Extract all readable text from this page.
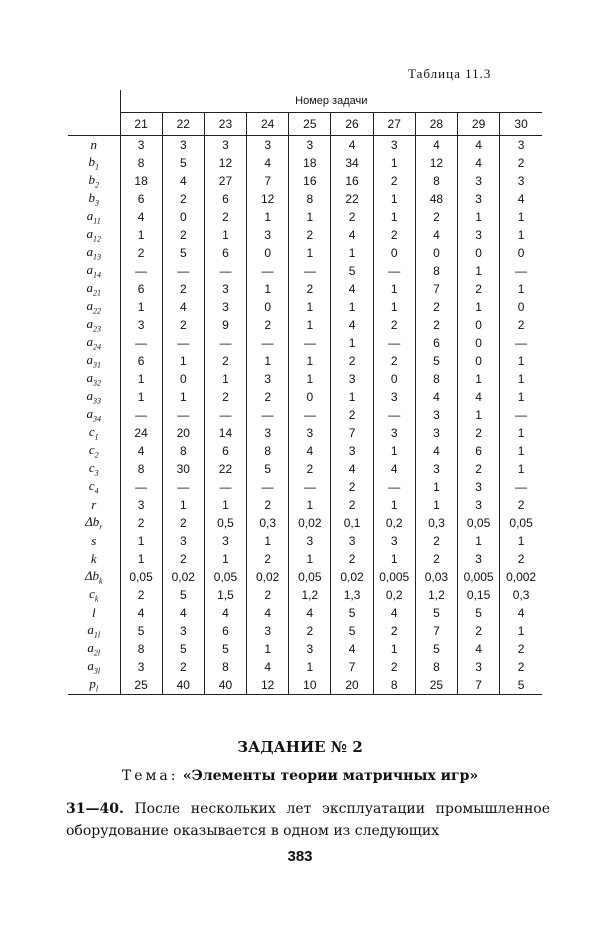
Таблица 11.3
	Номер задачи									
	21	22	23	24	25	26	27	28	29	30
n	3	3	3	3	3	4	3	4	4	3
$b_1$	8	5	12	4	18	34	1	12	4	2
$b_2$	18	4	27	7	16	16	2	8	3	3
$b_3$	6	2	6	12	8	22	1	48	3	4
$a_{11}$	4	0	2	1	1	2	1	2	1	1
$a_{12}$	1	2	1	3	2	4	2	4	3	1
$a_{13}$	2	5	6	0	1	1	0	0	0	0
$a_{14}$	—	—	—	—	—	5	—	8	1	—
$a_{21}$	6	2	3	1	2	4	1	7	2	1
$a_{22}$	1	4	3	0	1	1	1	2	1	0
$a_{23}$	3	2	9	2	1	4	2	2	0	2
$a_{24}$	—	—	—	—	—	1	—	6	0	—
$a_{31}$	6	1	2	1	1	2	2	5	0	1
$a_{32}$	1	0	1	3	1	3	0	8	1	1
$a_{33}$	1	1	2	2	0	1	3	4	4	1
$a_{34}$	—	—	—	—	—	2	—	3	1	—
$c_1$	24	20	14	3	3	7	3	3	2	1
$c_2$	4	8	6	8	4	3	1	4	6	1
$c_3$	8	30	22	5	2	4	4	3	2	1
$c_4$	—	—	—	—	—	2	—	1	3	—
r	3	1	1	2	1	2	1	1	3	2
$\Delta b_r$	2	2	0,5	0,3	0,02	0,1	0,2	0,3	0,05	0,05
s	1	3	3	1	3	3	3	2	1	1
k	1	2	1	2	1	2	1	2	3	2
$\Delta b_k$	0,05	0,02	0,05	0,02	0,05	0,02	0,005	0,03	0,005	0,002
$c_k$	2	5	1,5	2	1,2	1,3	0,2	1,2	0,15	0,3
l	4	4	4	4	4	5	4	5	5	4
$a_{1l}$	5	3	6	3	2	5	2	7	2	1
$a_{2l}$	8	5	5	1	3	4	1	5	4	2
$a_{3l}$	3	2	8	4	1	7	2	8	3	2
$p_l$	25	40	40	12	10	20	8	25	7	5
ЗАДАНИЕ № 2
Тема: «Элементы теории матричных игр»
31—40. После нескольких лет эксплуатации промышленное оборудование оказывается в одном из следующих
383
